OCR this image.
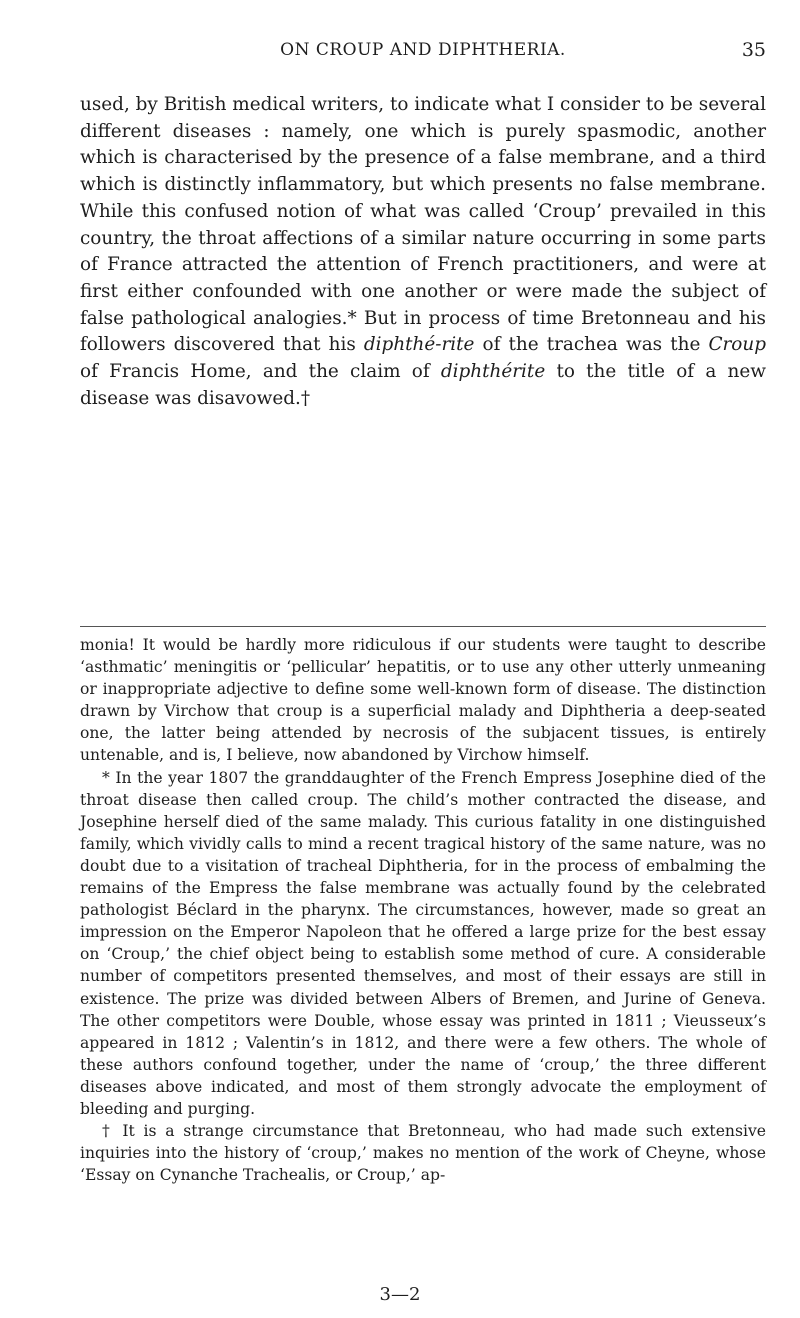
ON CROUP AND DIPHTHERIA.	35

used, by British medical writers, to indicate what I consider to be several different diseases : namely, one which is purely spasmodic, another which is characterised by the presence of a false membrane, and a third which is distinctly inflammatory, but which presents no false membrane. While this confused notion of what was called ‘Croup’ prevailed in this country, the throat affections of a similar nature occurring in some parts of France attracted the attention of French practitioners, and were at first either confounded with one another or were made the subject of false pathological analogies.* But in process of time Bretonneau and his followers discovered that his diphthé-rite of the trachea was the Croup of Francis Home, and the claim of diphthérite to the title of a new disease was disavowed.†

monia! It would be hardly more ridiculous if our students were taught to describe ‘asthmatic’ meningitis or ‘pellicular’ hepatitis, or to use any other utterly unmeaning or inappropriate adjective to define some well-known form of disease. The distinction drawn by Virchow that croup is a superficial malady and Diphtheria a deep-seated one, the latter being attended by necrosis of the subjacent tissues, is entirely untenable, and is, I believe, now abandoned by Virchow himself.

* In the year 1807 the granddaughter of the French Empress Josephine died of the throat disease then called croup. The child’s mother contracted the disease, and Josephine herself died of the same malady. This curious fatality in one distinguished family, which vividly calls to mind a recent tragical history of the same nature, was no doubt due to a visitation of tracheal Diphtheria, for in the process of embalming the remains of the Empress the false membrane was actually found by the celebrated pathologist Béclard in the pharynx. The circumstances, however, made so great an impression on the Emperor Napoleon that he offered a large prize for the best essay on ‘Croup,’ the chief object being to establish some method of cure. A considerable number of competitors presented themselves, and most of their essays are still in existence. The prize was divided between Albers of Bremen, and Jurine of Geneva. The other competitors were Double, whose essay was printed in 1811 ; Vieusseux’s appeared in 1812 ; Valentin’s in 1812, and there were a few others. The whole of these authors confound together, under the name of ‘croup,’ the three different diseases above indicated, and most of them strongly advocate the employment of bleeding and purging.

† It is a strange circumstance that Bretonneau, who had made such extensive inquiries into the history of ‘croup,’ makes no mention of the work of Cheyne, whose ‘Essay on Cynanche Trachealis, or Croup,’ ap-

3—2
